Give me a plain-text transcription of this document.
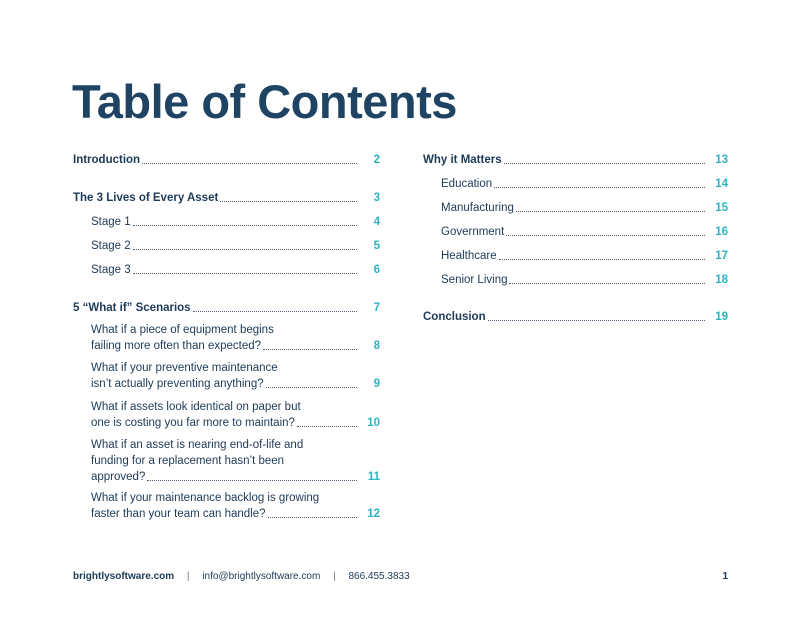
Table of Contents
Introduction	2
The 3 Lives of Every Asset	3
Stage 1	4
Stage 2	5
Stage 3	6
5 “What if” Scenarios	7
What if a piece of equipment begins
failing more often than expected?	8
What if your preventive maintenance
isn’t actually preventing anything?	9
What if assets look identical on paper but
one is costing you far more to maintain?	10
What if an asset is nearing end-of-life and
funding for a replacement hasn’t been
approved?	11
What if your maintenance backlog is growing
faster than your team can handle?	12
Why it Matters	13
Education	14
Manufacturing	15
Government	16
Healthcare	17
Senior Living	18
Conclusion	19
brightlysoftware.com | info@brightlysoftware.com | 866.455.3833	1
